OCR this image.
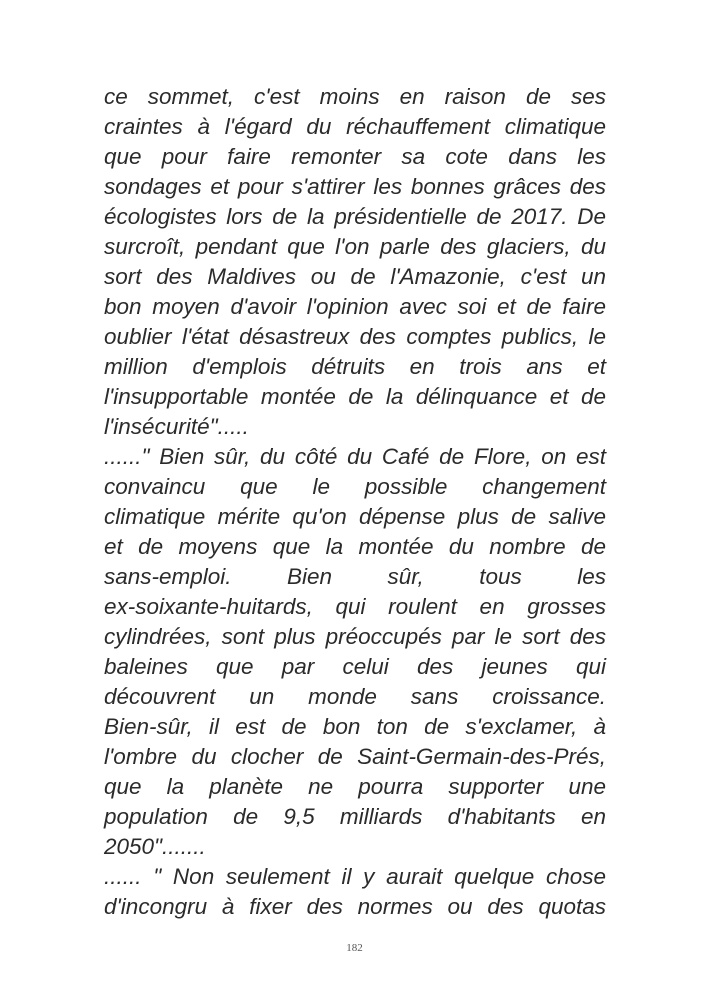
ce sommet, c'est moins en raison de ses
craintes à l'égard du réchauffement climatique
que pour faire remonter sa cote dans les
sondages et pour s'attirer les bonnes grâces des
écologistes lors de la présidentielle de 2017. De
surcroît, pendant que l'on parle des glaciers, du
sort des Maldives ou de l'Amazonie, c'est un
bon moyen d'avoir l'opinion avec soi et de faire
oublier l'état désastreux des comptes publics, le
million d'emplois détruits en trois ans et
l'insupportable montée de la délinquance et de
l'insécurité".....
......" Bien sûr, du côté du Café de Flore, on est
convaincu que le possible changement
climatique mérite qu'on dépense plus de salive
et de moyens que la montée du nombre de
sans-emploi. Bien sûr, tous les
ex-soixante-huitards, qui roulent en grosses
cylindrées, sont plus préoccupés par le sort des
baleines que par celui des jeunes qui
découvrent un monde sans croissance.
Bien-sûr, il est de bon ton de s'exclamer, à
l'ombre du clocher de Saint-Germain-des-Prés,
que la planète ne pourra supporter une
population de 9,5 milliards d'habitants en
2050".......
...... " Non seulement il y aurait quelque chose
d'incongru à fixer des normes ou des quotas
182
